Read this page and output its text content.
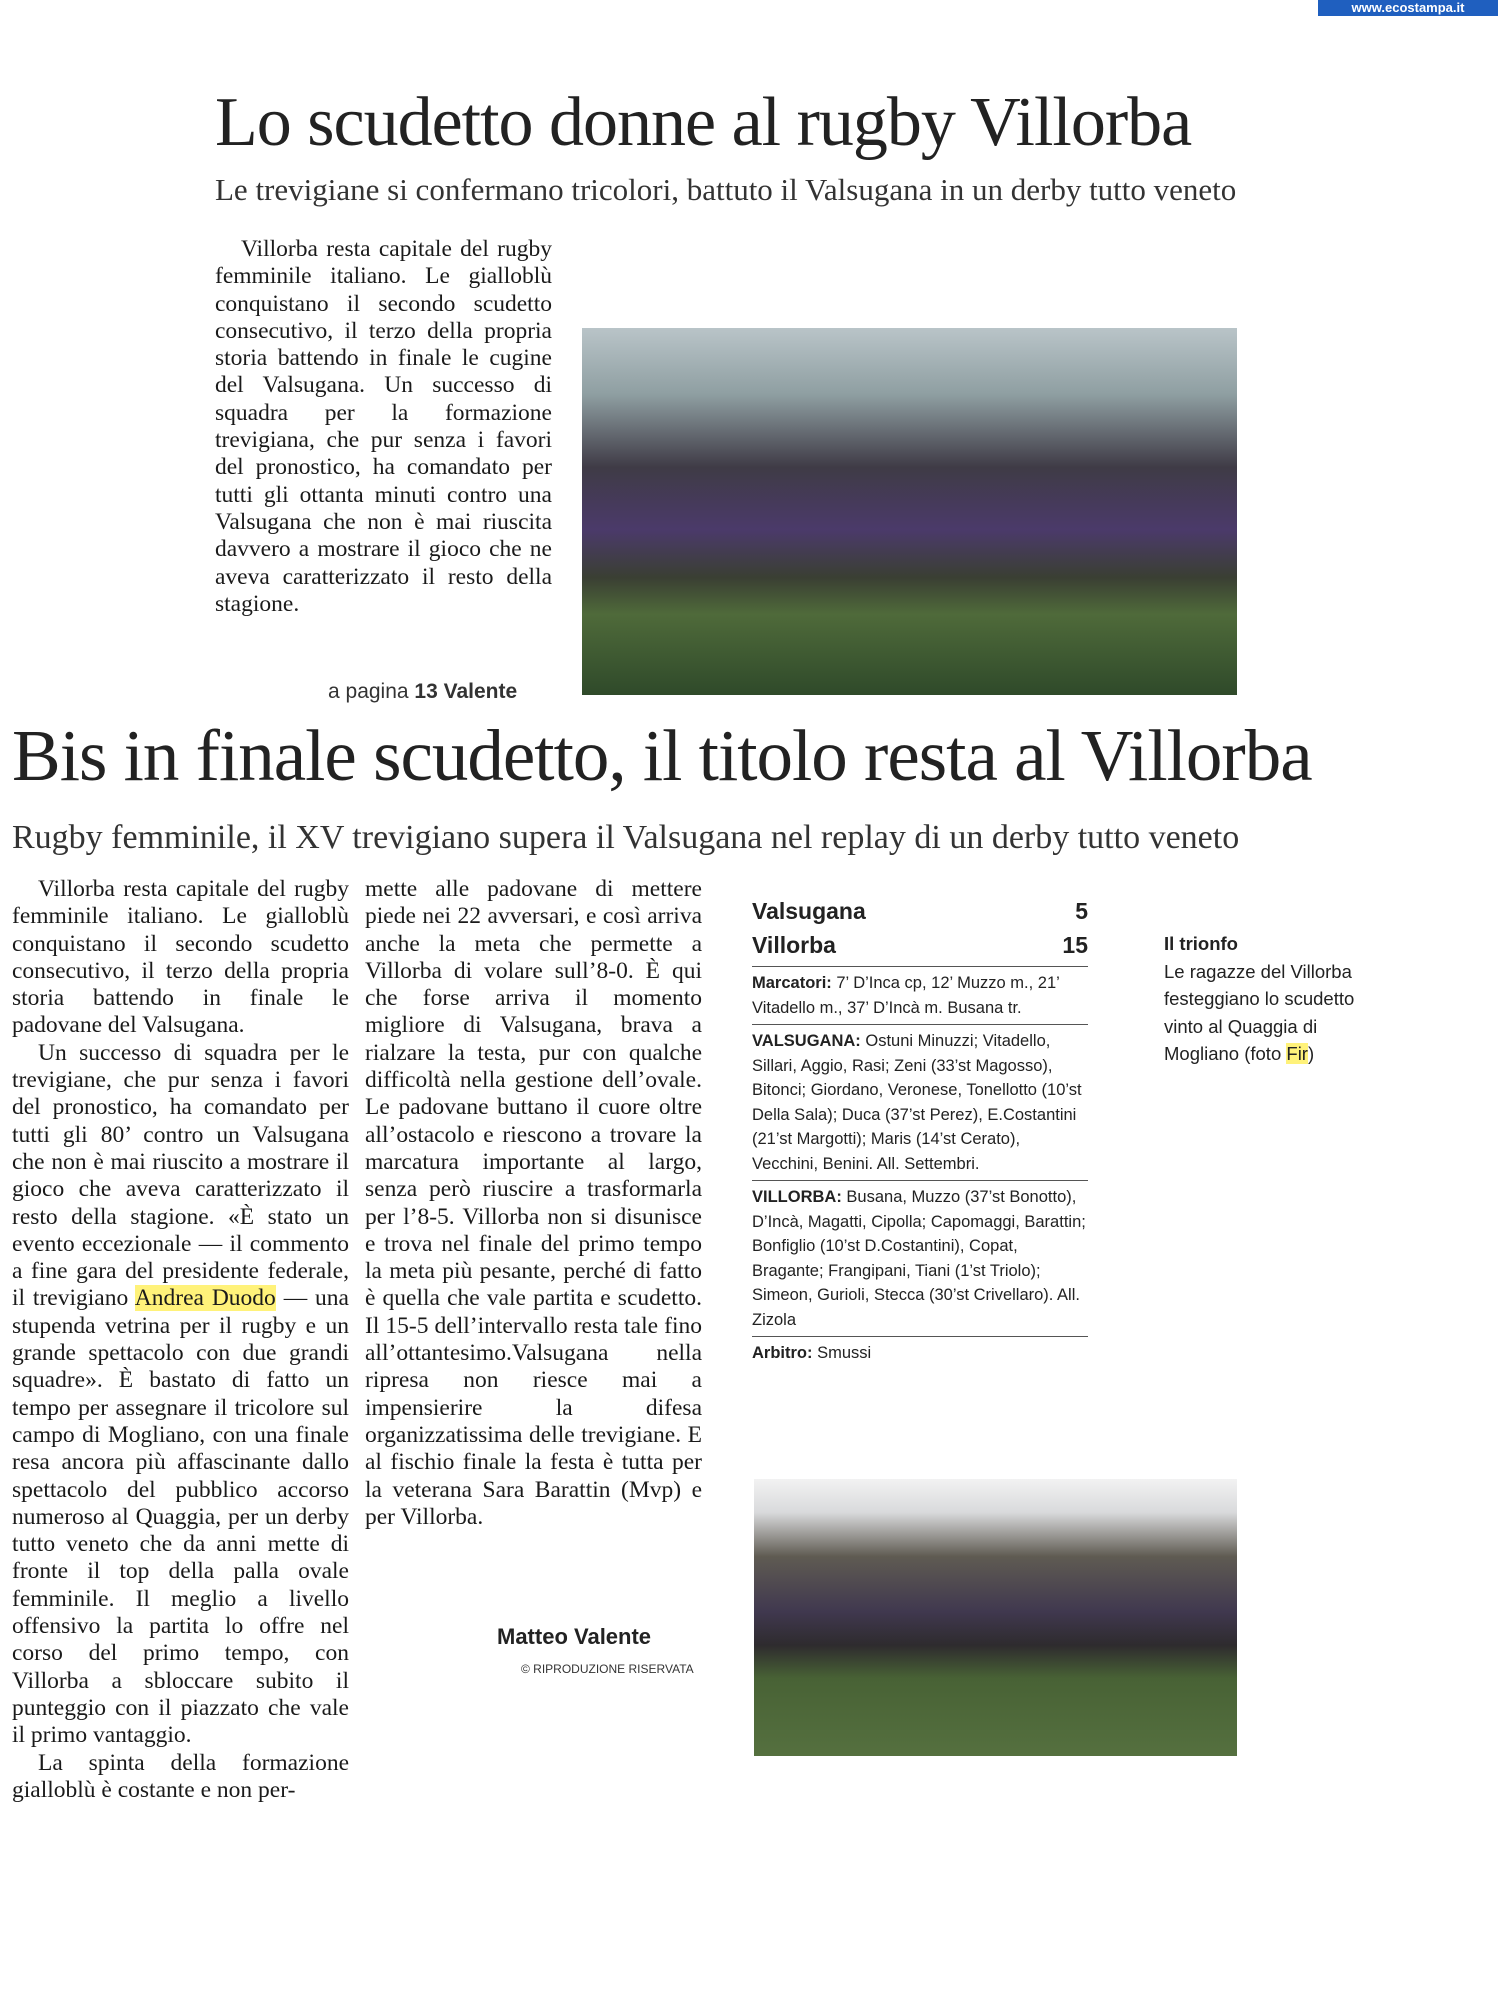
www.ecostampa.it
Lo scudetto donne al rugby Villorba
Le trevigiane si confermano tricolori, battuto il Valsugana in un derby tutto veneto

Villorba resta capitale del rugby femminile italiano. Le gialloblù conquistano il secondo scudetto consecutivo, il terzo della propria storia battendo in finale le cugine del Valsugana. Un successo di squadra per la formazione trevigiana, che pur senza i favori del pronostico, ha comandato per tutti gli ottanta minuti contro una Valsugana che non è mai riuscita davvero a mostrare il gioco che ne aveva caratterizzato il resto della stagione.

a pagina 13 Valente
Bis in finale scudetto, il titolo resta al Villorba
Rugby femminile, il XV trevigiano supera il Valsugana nel replay di un derby tutto veneto

Villorba resta capitale del rugby femminile italiano. Le gialloblù conquistano il secondo scudetto consecutivo, il terzo della propria storia battendo in finale le padovane del Valsugana.

Un successo di squadra per le trevigiane, che pur senza i favori del pronostico, ha comandato per tutti gli 80’ contro un Valsugana che non è mai riuscito a mostrare il gioco che aveva caratterizzato il resto della stagione. «È stato un evento eccezionale — il commento a fine gara del presidente federale, il trevigiano Andrea Duodo — una stupenda vetrina per il rugby e un grande spettacolo con due grandi squadre». È bastato di fatto un tempo per assegnare il tricolore sul campo di Mogliano, con una finale resa ancora più affascinante dallo spettacolo del pubblico accorso numeroso al Quaggia, per un derby tutto veneto che da anni mette di fronte il top della palla ovale femminile. Il meglio a livello offensivo la partita lo offre nel corso del primo tempo, con Villorba a sbloccare subito il punteggio con il piazzato che vale il primo vantaggio.

La spinta della formazione gialloblù è costante e non per-

mette alle padovane di mettere piede nei 22 avversari, e così arriva anche la meta che permette a Villorba di volare sull’8-0. È qui che forse arriva il momento migliore di Valsugana, brava a rialzare la testa, pur con qualche difficoltà nella gestione dell’ovale. Le padovane buttano il cuore oltre all’ostacolo e riescono a trovare la marcatura importante al largo, senza però riuscire a trasformarla per l’8-5. Villorba non si disunisce e trova nel finale del primo tempo la meta più pesante, perché di fatto è quella che vale partita e scudetto. Il 15-5 dell’intervallo resta tale fino all’ottantesimo.Valsugana nella ripresa non riesce mai a impensierire la difesa organizzatissima delle trevigiane. E al fischio finale la festa è tutta per la veterana Sara Barattin (Mvp) e per Villorba.

Matteo Valente
© RIPRODUZIONE RISERVATA
Valsugana	5
Villorba	15

Marcatori: 7’ D’Inca cp, 12’ Muzzo m., 21’ Vitadello m., 37’ D’Incà m. Busana tr.

VALSUGANA: Ostuni Minuzzi; Vitadello, Sillari, Aggio, Rasi; Zeni (33’st Magosso), Bitonci; Giordano, Veronese, Tonellotto (10’st Della Sala); Duca (37’st Perez), E.Costantini (21’st Margotti); Maris (14’st Cerato), Vecchini, Benini. All. Settembri.

VILLORBA: Busana, Muzzo (37’st Bonotto), D’Incà, Magatti, Cipolla; Capomaggi, Barattin; Bonfiglio (10’st D.Costantini), Copat, Bragante; Frangipani, Tiani (1’st Triolo); Simeon, Gurioli, Stecca (30’st Crivellaro). All. Zizola

Arbitro: Smussi

Il trionfo
Le ragazze del Villorba festeggiano lo scudetto vinto al Quaggia di Mogliano (foto Fir)
